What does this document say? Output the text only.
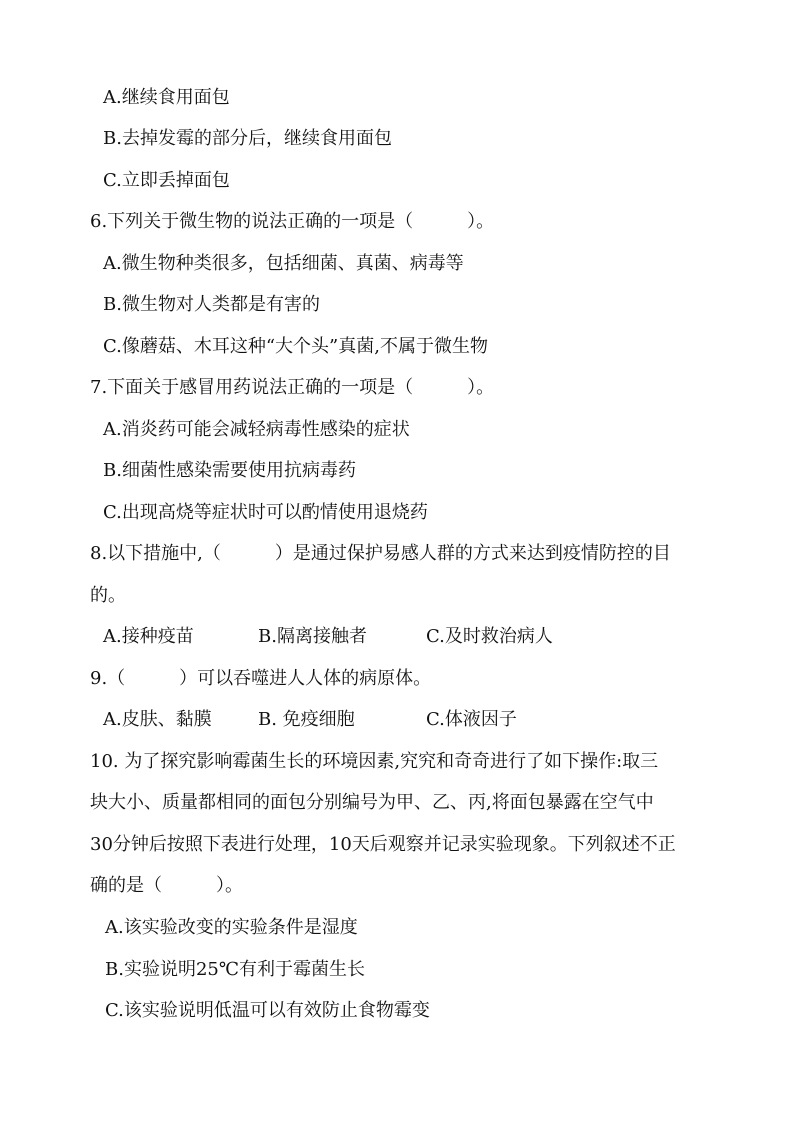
A.继续食用面包
B.去掉发霉的部分后，继续食用面包
C.立即丢掉面包
6.下列关于微生物的说法正确的一项是（　　　）。
A.微生物种类很多，包括细菌、真菌、病毒等
B.微生物对人类都是有害的
C.像蘑菇、木耳这种“大个头”真菌,不属于微生物
7.下面关于感冒用药说法正确的一项是（　　　）。
A.消炎药可能会减轻病毒性感染的症状
B.细菌性感染需要使用抗病毒药
C.出现高烧等症状时可以酌情使用退烧药
8.以下措施中,（　　　）是通过保护易感人群的方式来达到疫情防控的目
的。
A.接种疫苗	B.隔离接触者	C.及时救治病人
9.（　　　）可以吞噬进人人体的病原体。
A.皮肤、黏膜	B. 免疫细胞	C.体液因子
10. 为了探究影响霉菌生长的环境因素,究究和奇奇进行了如下操作:取三
块大小、质量都相同的面包分别编号为甲、乙、丙,将面包暴露在空气中
30分钟后按照下表进行处理，10天后观察并记录实验现象。下列叙述不正
确的是（　　　）。
A.该实验改变的实验条件是湿度
B.实验说明25℃有利于霉菌生长
C.该实验说明低温可以有效防止食物霉变
